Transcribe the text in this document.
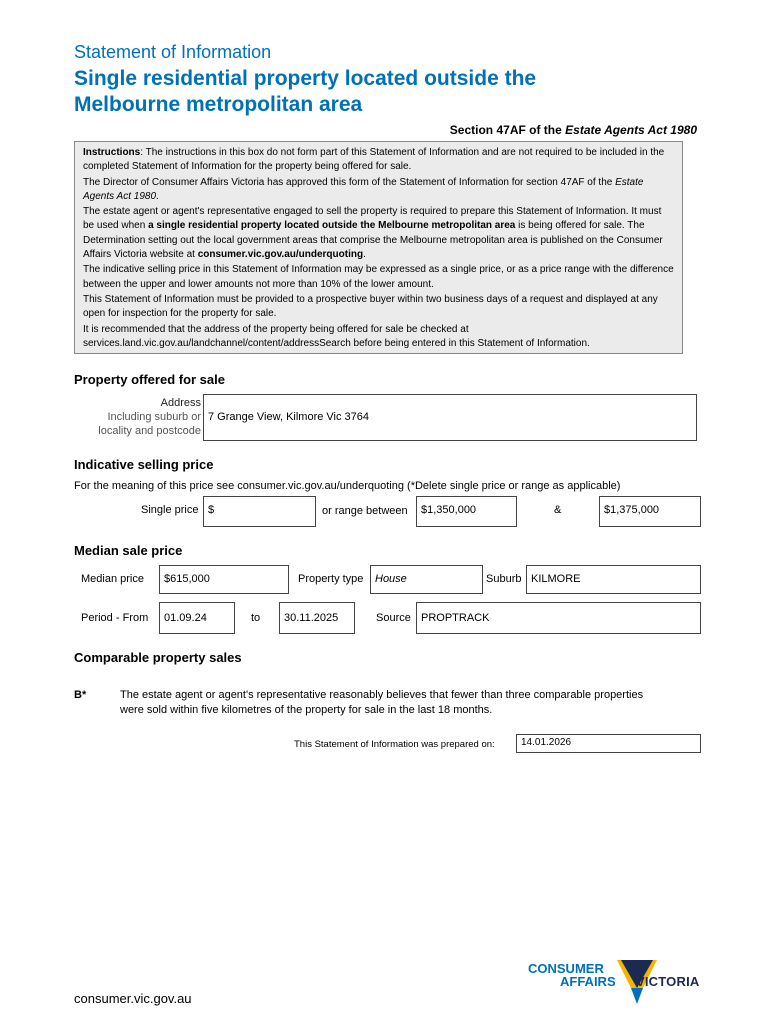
Statement of Information
Single residential property located outside the
Melbourne metropolitan area
Section 47AF of the Estate Agents Act 1980

Instructions: The instructions in this box do not form part of this Statement of Information and are not required to be included in the completed Statement of Information for the property being offered for sale.

The Director of Consumer Affairs Victoria has approved this form of the Statement of Information for section 47AF of the Estate Agents Act 1980.

The estate agent or agent's representative engaged to sell the property is required to prepare this Statement of Information. It must be used when a single residential property located outside the Melbourne metropolitan area is being offered for sale. The Determination setting out the local government areas that comprise the Melbourne metropolitan area is published on the Consumer Affairs Victoria website at consumer.vic.gov.au/underquoting.

The indicative selling price in this Statement of Information may be expressed as a single price, or as a price range with the difference between the upper and lower amounts not more than 10% of the lower amount.

This Statement of Information must be provided to a prospective buyer within two business days of a request and displayed at any open for inspection for the property for sale.

It is recommended that the address of the property being offered for sale be checked at services.land.vic.gov.au/landchannel/content/addressSearch before being entered in this Statement of Information.

Property offered for sale
Address
Including suburb or
locality and postcode
7 Grange View, Kilmore Vic 3764
Indicative selling price
For the meaning of this price see consumer.vic.gov.au/underquoting (*Delete single price or range as applicable)
Single price $	or range between	$1,350,000	&	$1,375,000
Median sale price
Median price	$615,000	Property type	House	Suburb KILMORE
Period - From	01.09.24	to	30.11.2025	Source PROPTRACK
Comparable property sales
B*	The estate agent or agent's representative reasonably believes that fewer than three comparable properties
were sold within five kilometres of the property for sale in the last 18 months.
This Statement of Information was prepared on:	14.01.2026
CONSUMER
AFFAIRS VICTORIA
consumer.vic.gov.au
